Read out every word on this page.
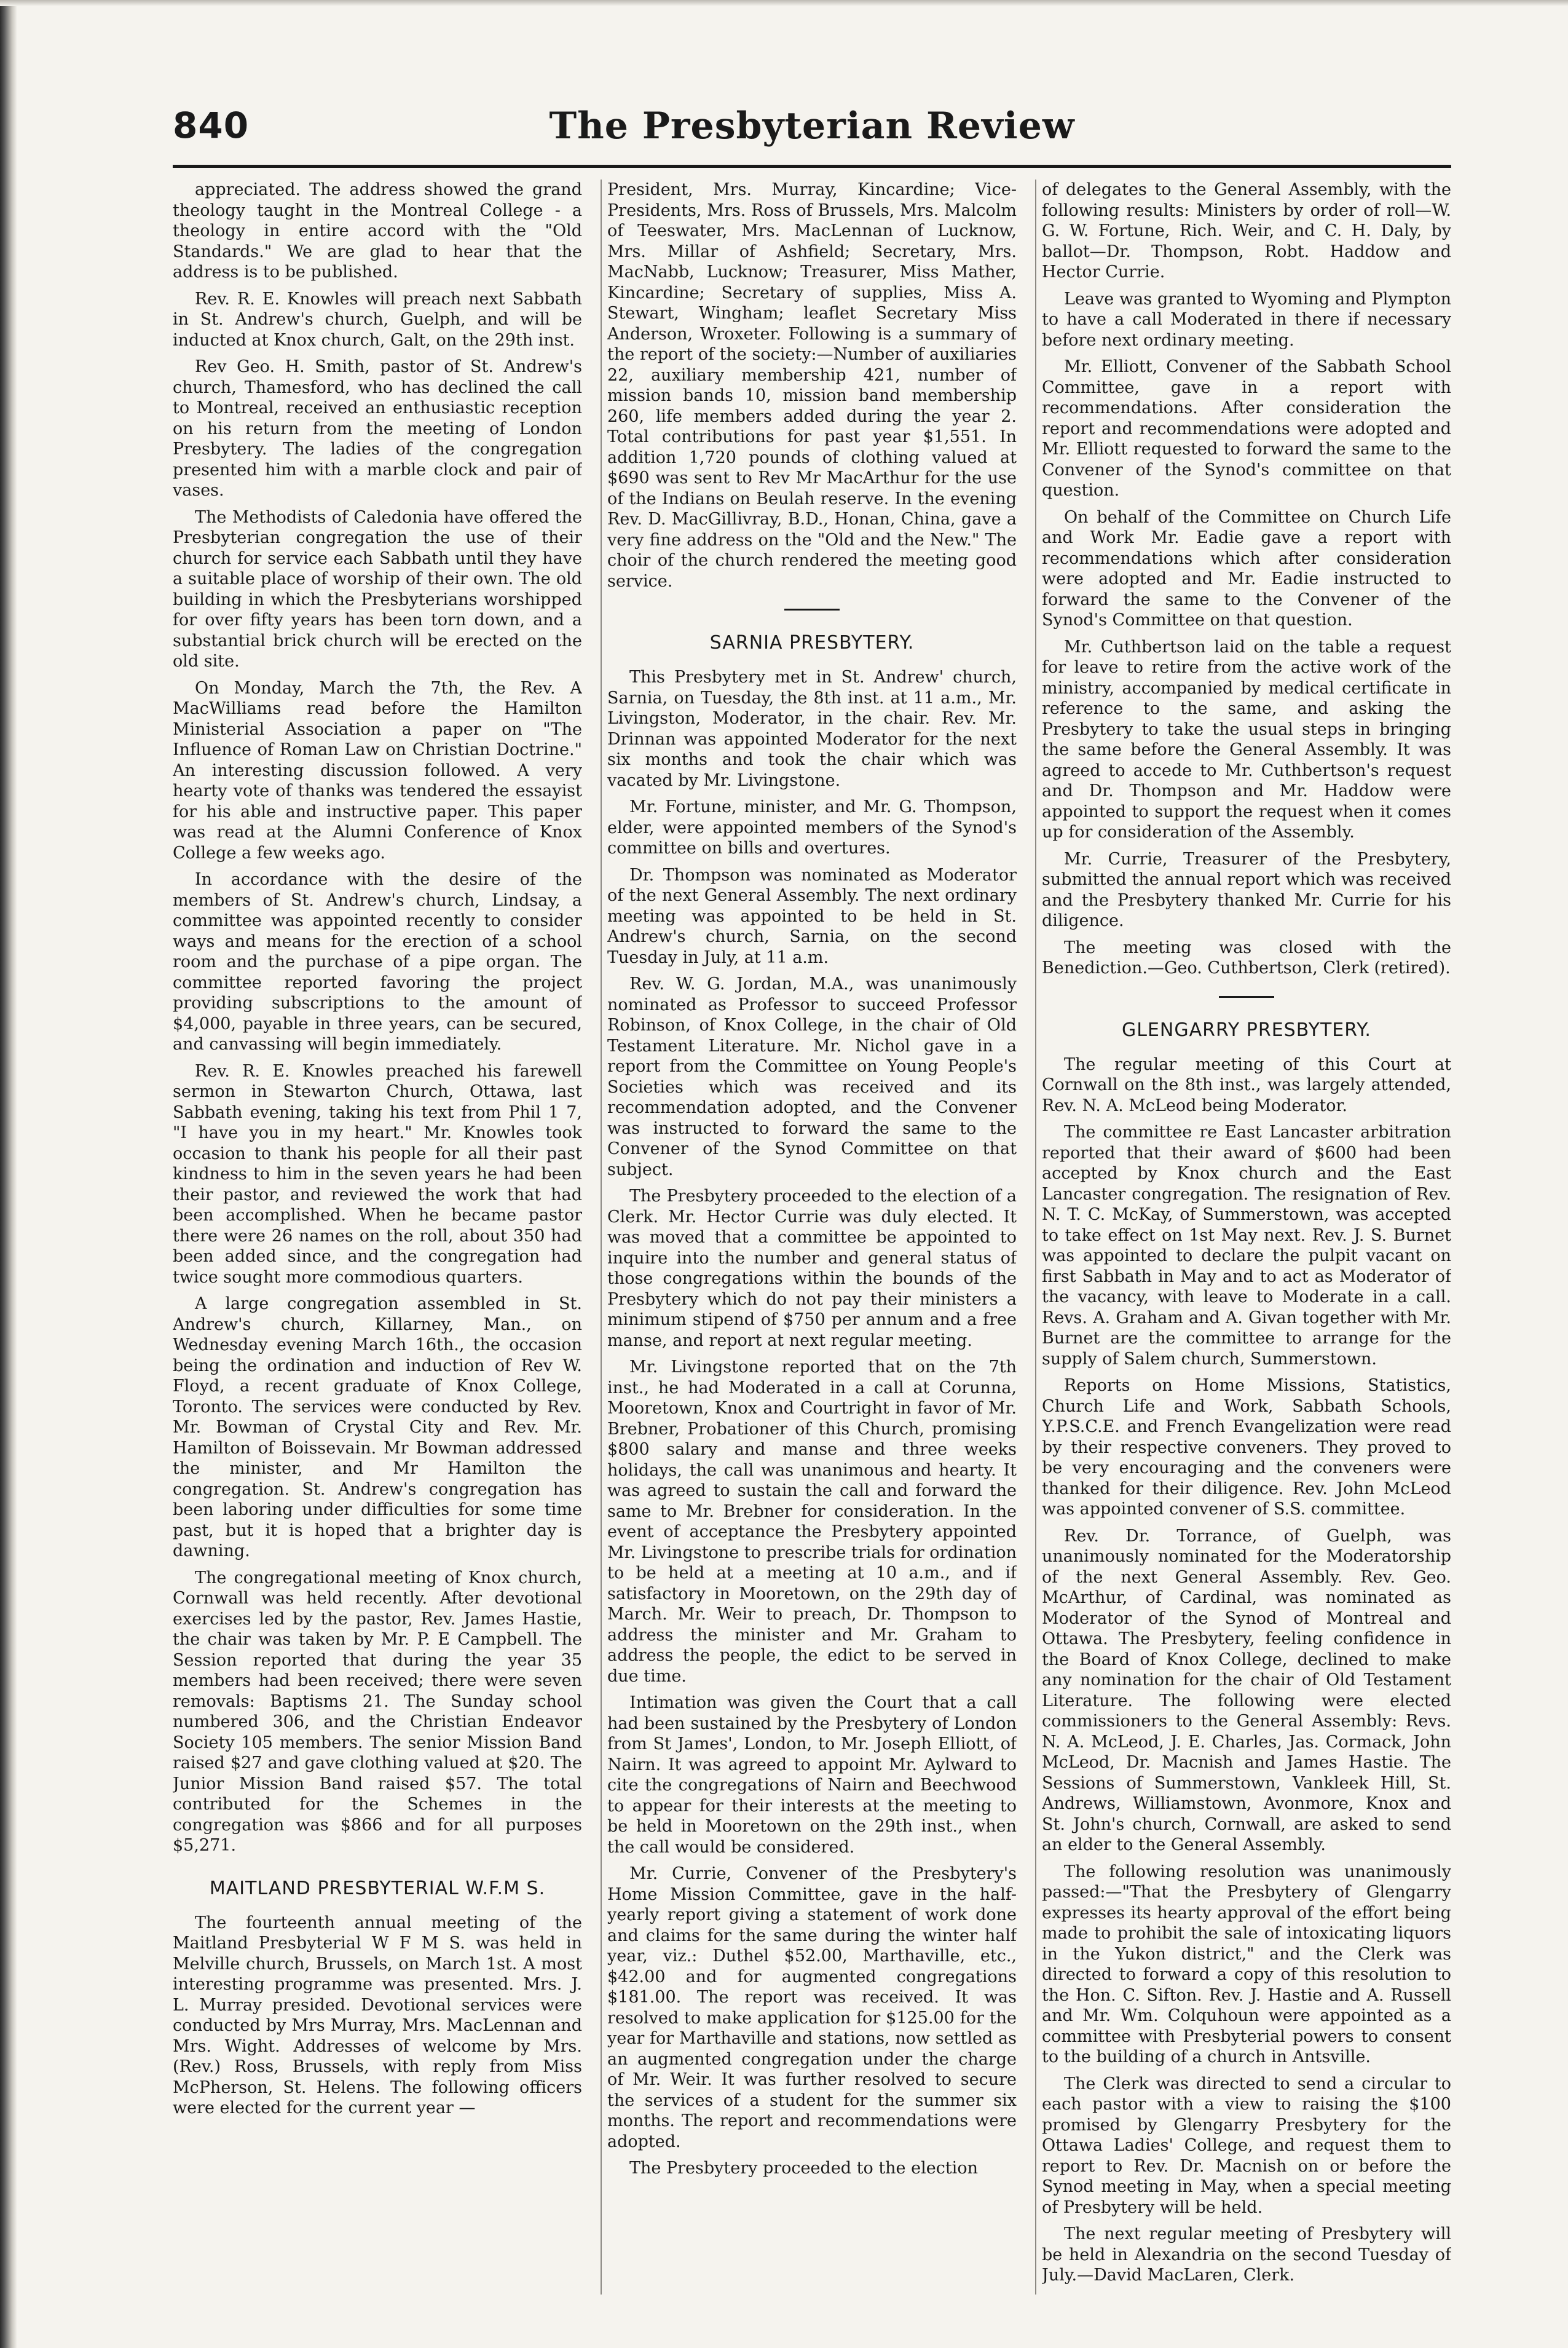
The Presbyterian Review
840

appreciated. The address showed the grand theology taught in the Montreal College - a theology in entire accord with the "Old Standards." We are glad to hear that the address is to be published.

Rev. R. E. Knowles will preach next Sabbath in St. Andrew's church, Guelph, and will be inducted at Knox church, Galt, on the 29th inst.

Rev Geo. H. Smith, pastor of St. Andrew's church, Thamesford, who has declined the call to Montreal, received an enthusiastic reception on his return from the meeting of London Presbytery. The ladies of the congregation presented him with a marble clock and pair of vases.

The Methodists of Caledonia have offered the Presbyterian congregation the use of their church for service each Sabbath until they have a suitable place of worship of their own. The old building in which the Presbyterians worshipped for over fifty years has been torn down, and a substantial brick church will be erected on the old site.

On Monday, March the 7th, the Rev. A MacWilliams read before the Hamilton Ministerial Association a paper on "The Influence of Roman Law on Christian Doctrine." An interesting discussion followed. A very hearty vote of thanks was tendered the essayist for his able and instructive paper. This paper was read at the Alumni Conference of Knox College a few weeks ago.

In accordance with the desire of the members of St. Andrew's church, Lindsay, a committee was appointed recently to consider ways and means for the erection of a school room and the purchase of a pipe organ. The committee reported favoring the project providing subscriptions to the amount of $4,000, payable in three years, can be secured, and canvassing will begin immediately.

Rev. R. E. Knowles preached his farewell sermon in Stewarton Church, Ottawa, last Sabbath evening, taking his text from Phil 1 7, "I have you in my heart." Mr. Knowles took occasion to thank his people for all their past kindness to him in the seven years he had been their pastor, and reviewed the work that had been accomplished. When he became pastor there were 26 names on the roll, about 350 had been added since, and the congregation had twice sought more commodious quarters.

A large congregation assembled in St. Andrew's church, Killarney, Man., on Wednesday evening March 16th., the occasion being the ordination and induction of Rev W. Floyd, a recent graduate of Knox College, Toronto. The services were conducted by Rev. Mr. Bowman of Crystal City and Rev. Mr. Hamilton of Boissevain. Mr Bowman addressed the minister, and Mr Hamilton the congregation. St. Andrew's congregation has been laboring under difficulties for some time past, but it is hoped that a brighter day is dawning.

The congregational meeting of Knox church, Cornwall was held recently. After devotional exercises led by the pastor, Rev. James Hastie, the chair was taken by Mr. P. E Campbell. The Session reported that during the year 35 members had been received; there were seven removals: Baptisms 21. The Sunday school numbered 306, and the Christian Endeavor Society 105 members. The senior Mission Band raised $27 and gave clothing valued at $20. The Junior Mission Band raised $57. The total contributed for the Schemes in the congregation was $866 and for all purposes $5,271.

MAITLAND PRESBYTERIAL W.F.M S.

The fourteenth annual meeting of the Maitland Presbyterial W F M S. was held in Melville church, Brussels, on March 1st. A most interesting programme was presented. Mrs. J. L. Murray presided. Devotional services were conducted by Mrs Murray, Mrs. MacLennan and Mrs. Wight. Addresses of welcome by Mrs. (Rev.) Ross, Brussels, with reply from Miss McPherson, St. Helens. The following officers were elected for the current year —

President, Mrs. Murray, Kincardine; Vice-Presidents, Mrs. Ross of Brussels, Mrs. Malcolm of Teeswater, Mrs. MacLennan of Lucknow, Mrs. Millar of Ashfield; Secretary, Mrs. MacNabb, Lucknow; Treasurer, Miss Mather, Kincardine; Secretary of supplies, Miss A. Stewart, Wingham; leaflet Secretary Miss Anderson, Wroxeter. Following is a summary of the report of the society:—Number of auxiliaries 22, auxiliary membership 421, number of mission bands 10, mission band membership 260, life members added during the year 2. Total contributions for past year $1,551. In addition 1,720 pounds of clothing valued at $690 was sent to Rev Mr MacArthur for the use of the Indians on Beulah reserve. In the evening Rev. D. MacGillivray, B.D., Honan, China, gave a very fine address on the "Old and the New." The choir of the church rendered the meeting good service.

SARNIA PRESBYTERY.

This Presbytery met in St. Andrew' church, Sarnia, on Tuesday, the 8th inst. at 11 a.m., Mr. Livingston, Moderator, in the chair. Rev. Mr. Drinnan was appointed Moderator for the next six months and took the chair which was vacated by Mr. Livingstone.

Mr. Fortune, minister, and Mr. G. Thompson, elder, were appointed members of the Synod's committee on bills and overtures.

Dr. Thompson was nominated as Moderator of the next General Assembly. The next ordinary meeting was appointed to be held in St. Andrew's church, Sarnia, on the second Tuesday in July, at 11 a.m.

Rev. W. G. Jordan, M.A., was unanimously nominated as Professor to succeed Professor Robinson, of Knox College, in the chair of Old Testament Literature. Mr. Nichol gave in a report from the Committee on Young People's Societies which was received and its recommendation adopted, and the Convener was instructed to forward the same to the Convener of the Synod Committee on that subject.

The Presbytery proceeded to the election of a Clerk. Mr. Hector Currie was duly elected. It was moved that a committee be appointed to inquire into the number and general status of those congregations within the bounds of the Presbytery which do not pay their ministers a minimum stipend of $750 per annum and a free manse, and report at next regular meeting.

Mr. Livingstone reported that on the 7th inst., he had Moderated in a call at Corunna, Mooretown, Knox and Courtright in favor of Mr. Brebner, Probationer of this Church, promising $800 salary and manse and three weeks holidays, the call was unanimous and hearty. It was agreed to sustain the call and forward the same to Mr. Brebner for consideration. In the event of acceptance the Presbytery appointed Mr. Livingstone to prescribe trials for ordination to be held at a meeting at 10 a.m., and if satisfactory in Mooretown, on the 29th day of March. Mr. Weir to preach, Dr. Thompson to address the minister and Mr. Graham to address the people, the edict to be served in due time.

Intimation was given the Court that a call had been sustained by the Presbytery of London from St James', London, to Mr. Joseph Elliott, of Nairn. It was agreed to appoint Mr. Aylward to cite the congregations of Nairn and Beechwood to appear for their interests at the meeting to be held in Mooretown on the 29th inst., when the call would be considered.

Mr. Currie, Convener of the Presbytery's Home Mission Committee, gave in the half-yearly report giving a statement of work done and claims for the same during the winter half year, viz.: Duthel $52.00, Marthaville, etc., $42.00 and for augmented congregations $181.00. The report was received. It was resolved to make application for $125.00 for the year for Marthaville and stations, now settled as an augmented congregation under the charge of Mr. Weir. It was further resolved to secure the services of a student for the summer six months. The report and recommendations were adopted.

The Presbytery proceeded to the election

of delegates to the General Assembly, with the following results: Ministers by order of roll—W. G. W. Fortune, Rich. Weir, and C. H. Daly, by ballot—Dr. Thompson, Robt. Haddow and Hector Currie.

Leave was granted to Wyoming and Plympton to have a call Moderated in there if necessary before next ordinary meeting.

Mr. Elliott, Convener of the Sabbath School Committee, gave in a report with recommendations. After consideration the report and recommendations were adopted and Mr. Elliott requested to forward the same to the Convener of the Synod's committee on that question.

On behalf of the Committee on Church Life and Work Mr. Eadie gave a report with recommendations which after consideration were adopted and Mr. Eadie instructed to forward the same to the Convener of the Synod's Committee on that question.

Mr. Cuthbertson laid on the table a request for leave to retire from the active work of the ministry, accompanied by medical certificate in reference to the same, and asking the Presbytery to take the usual steps in bringing the same before the General Assembly. It was agreed to accede to Mr. Cuthbertson's request and Dr. Thompson and Mr. Haddow were appointed to support the request when it comes up for consideration of the Assembly.

Mr. Currie, Treasurer of the Presbytery, submitted the annual report which was received and the Presbytery thanked Mr. Currie for his diligence.

The meeting was closed with the Benediction.—Geo. Cuthbertson, Clerk (retired).

GLENGARRY PRESBYTERY.

The regular meeting of this Court at Cornwall on the 8th inst., was largely attended, Rev. N. A. McLeod being Moderator.

The committee re East Lancaster arbitration reported that their award of $600 had been accepted by Knox church and the East Lancaster congregation. The resignation of Rev. N. T. C. McKay, of Summerstown, was accepted to take effect on 1st May next. Rev. J. S. Burnet was appointed to declare the pulpit vacant on first Sabbath in May and to act as Moderator of the vacancy, with leave to Moderate in a call. Revs. A. Graham and A. Givan together with Mr. Burnet are the committee to arrange for the supply of Salem church, Summerstown.

Reports on Home Missions, Statistics, Church Life and Work, Sabbath Schools, Y.P.S.C.E. and French Evangelization were read by their respective conveners. They proved to be very encouraging and the conveners were thanked for their diligence. Rev. John McLeod was appointed convener of S.S. committee.

Rev. Dr. Torrance, of Guelph, was unanimously nominated for the Moderatorship of the next General Assembly. Rev. Geo. McArthur, of Cardinal, was nominated as Moderator of the Synod of Montreal and Ottawa. The Presbytery, feeling confidence in the Board of Knox College, declined to make any nomination for the chair of Old Testament Literature. The following were elected commissioners to the General Assembly: Revs. N. A. McLeod, J. E. Charles, Jas. Cormack, John McLeod, Dr. Macnish and James Hastie. The Sessions of Summerstown, Vankleek Hill, St. Andrews, Williamstown, Avonmore, Knox and St. John's church, Cornwall, are asked to send an elder to the General Assembly.

The following resolution was unanimously passed:—"That the Presbytery of Glengarry expresses its hearty approval of the effort being made to prohibit the sale of intoxicating liquors in the Yukon district," and the Clerk was directed to forward a copy of this resolution to the Hon. C. Sifton. Rev. J. Hastie and A. Russell and Mr. Wm. Colquhoun were appointed as a committee with Presbyterial powers to consent to the building of a church in Antsville.

The Clerk was directed to send a circular to each pastor with a view to raising the $100 promised by Glengarry Presbytery for the Ottawa Ladies' College, and request them to report to Rev. Dr. Macnish on or before the Synod meeting in May, when a special meeting of Presbytery will be held.

The next regular meeting of Presbytery will be held in Alexandria on the second Tuesday of July.—David MacLaren, Clerk.
